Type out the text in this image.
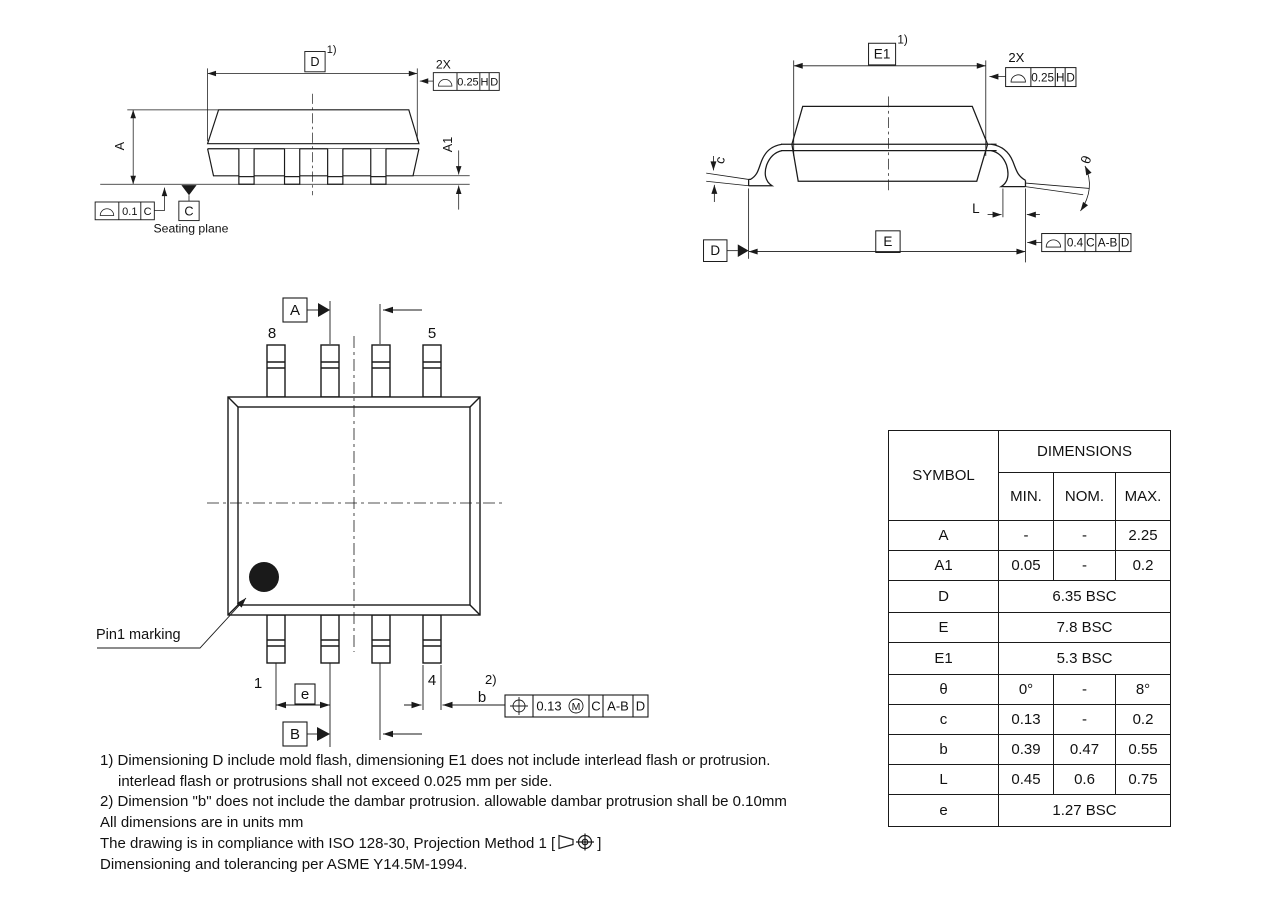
D
1)
2X
0.25 H D
A	A1
C
Seating plane
0.1 C
E1
1)
2X
0.25 H D
c	θ
L
E
D
0.4 C A-B D
8	5
1	4
A
B
Pin1 marking
e	b
2)
0.13 M C A-B D
SYMBOL	DIMENSIONS		
	MIN.	NOM.	MAX.
A	-	-	2.25
A1	0.05	-	0.2
D	6.35 BSC		
E	7.8 BSC		
E1	5.3 BSC		
θ	0°	-	8°
c	0.13	-	0.2
b	0.39	0.47	0.55
L	0.45	0.6	0.75
e	1.27 BSC		
1) Dimensioning D include mold flash, dimensioning E1 does not include interlead flash or protrusion.
interlead flash or protrusions shall not exceed 0.025 mm per side.
2) Dimension "b" does not include the dambar protrusion. allowable dambar protrusion shall be 0.10mm
All dimensions are in units mm
The drawing is in compliance with ISO 128-30, Projection Method 1 [	]
Dimensioning and tolerancing per ASME Y14.5M-1994.
